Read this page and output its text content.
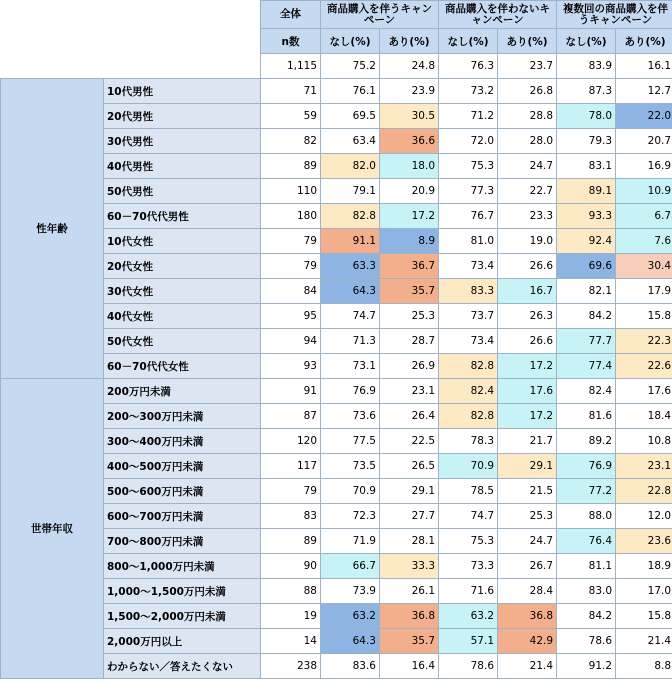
		全体	商品購入を伴うキャンペーン		商品購入を伴わないキャンペーン		複数回の商品購入を伴うキャンペーン	
		n数	なし(%)	あり(%)	なし(%)	あり(%)	なし(%)	あり(%)
		1,115	75.2	24.8	76.3	23.7	83.9	16.1
性年齢	10代男性	71	76.1	23.9	73.2	26.8	87.3	12.7
	20代男性	59	69.5	30.5	71.2	28.8	78.0	22.0
	30代男性	82	63.4	36.6	72.0	28.0	79.3	20.7
	40代男性	89	82.0	18.0	75.3	24.7	83.1	16.9
	50代男性	110	79.1	20.9	77.3	22.7	89.1	10.9
	60－70代代男性	180	82.8	17.2	76.7	23.3	93.3	6.7
	10代女性	79	91.1	8.9	81.0	19.0	92.4	7.6
	20代女性	79	63.3	36.7	73.4	26.6	69.6	30.4
	30代女性	84	64.3	35.7	83.3	16.7	82.1	17.9
	40代女性	95	74.7	25.3	73.7	26.3	84.2	15.8
	50代女性	94	71.3	28.7	73.4	26.6	77.7	22.3
	60－70代代女性	93	73.1	26.9	82.8	17.2	77.4	22.6
世帯年収	200万円未満	91	76.9	23.1	82.4	17.6	82.4	17.6
	200～300万円未満	87	73.6	26.4	82.8	17.2	81.6	18.4
	300～400万円未満	120	77.5	22.5	78.3	21.7	89.2	10.8
	400～500万円未満	117	73.5	26.5	70.9	29.1	76.9	23.1
	500～600万円未満	79	70.9	29.1	78.5	21.5	77.2	22.8
	600～700万円未満	83	72.3	27.7	74.7	25.3	88.0	12.0
	700～800万円未満	89	71.9	28.1	75.3	24.7	76.4	23.6
	800～1,000万円未満	90	66.7	33.3	73.3	26.7	81.1	18.9
	1,000～1,500万円未満	88	73.9	26.1	71.6	28.4	83.0	17.0
	1,500～2,000万円未満	19	63.2	36.8	63.2	36.8	84.2	15.8
	2,000万円以上	14	64.3	35.7	57.1	42.9	78.6	21.4
	わからない／答えたくない	238	83.6	16.4	78.6	21.4	91.2	8.8
